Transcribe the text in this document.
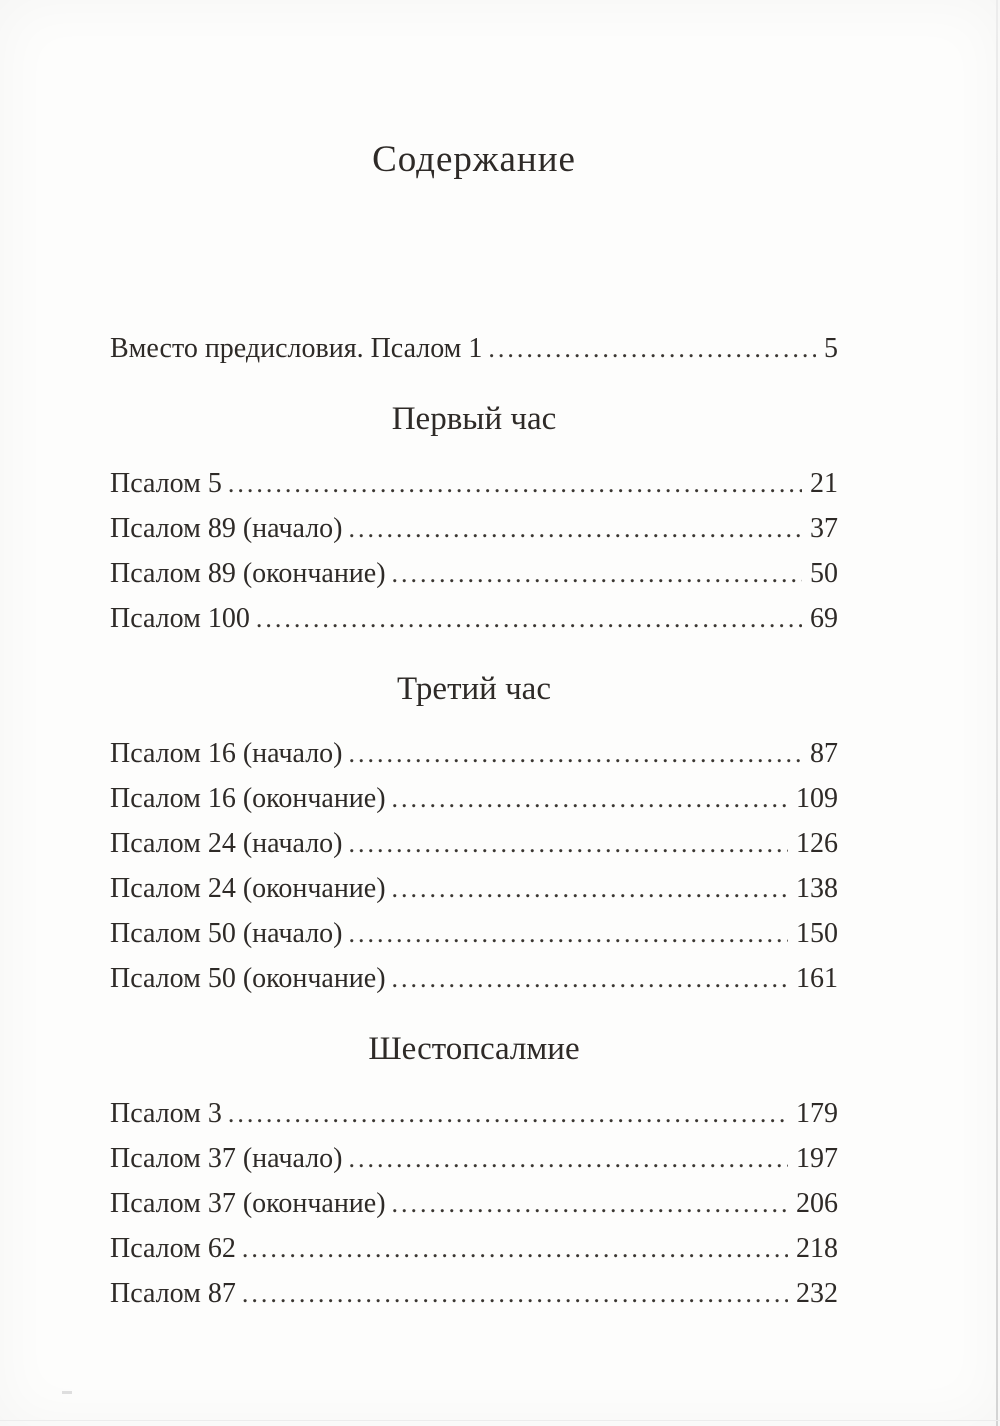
Содержание
Вместо предисловия. Псалом 1 .....	5
Первый час
Псалом 5 .....	21
Псалом 89 (начало) .....	37
Псалом 89 (окончание) .....	50
Псалом 100 .....	69
Третий час
Псалом 16 (начало) .....	87
Псалом 16 (окончание) .....	109
Псалом 24 (начало) .....	126
Псалом 24 (окончание) .....	138
Псалом 50 (начало) .....	150
Псалом 50 (окончание) .....	161
Шестопсалмие
Псалом 3 .....	179
Псалом 37 (начало) .....	197
Псалом 37 (окончание) .....	206
Псалом 62 .....	218
Псалом 87 .....	232
